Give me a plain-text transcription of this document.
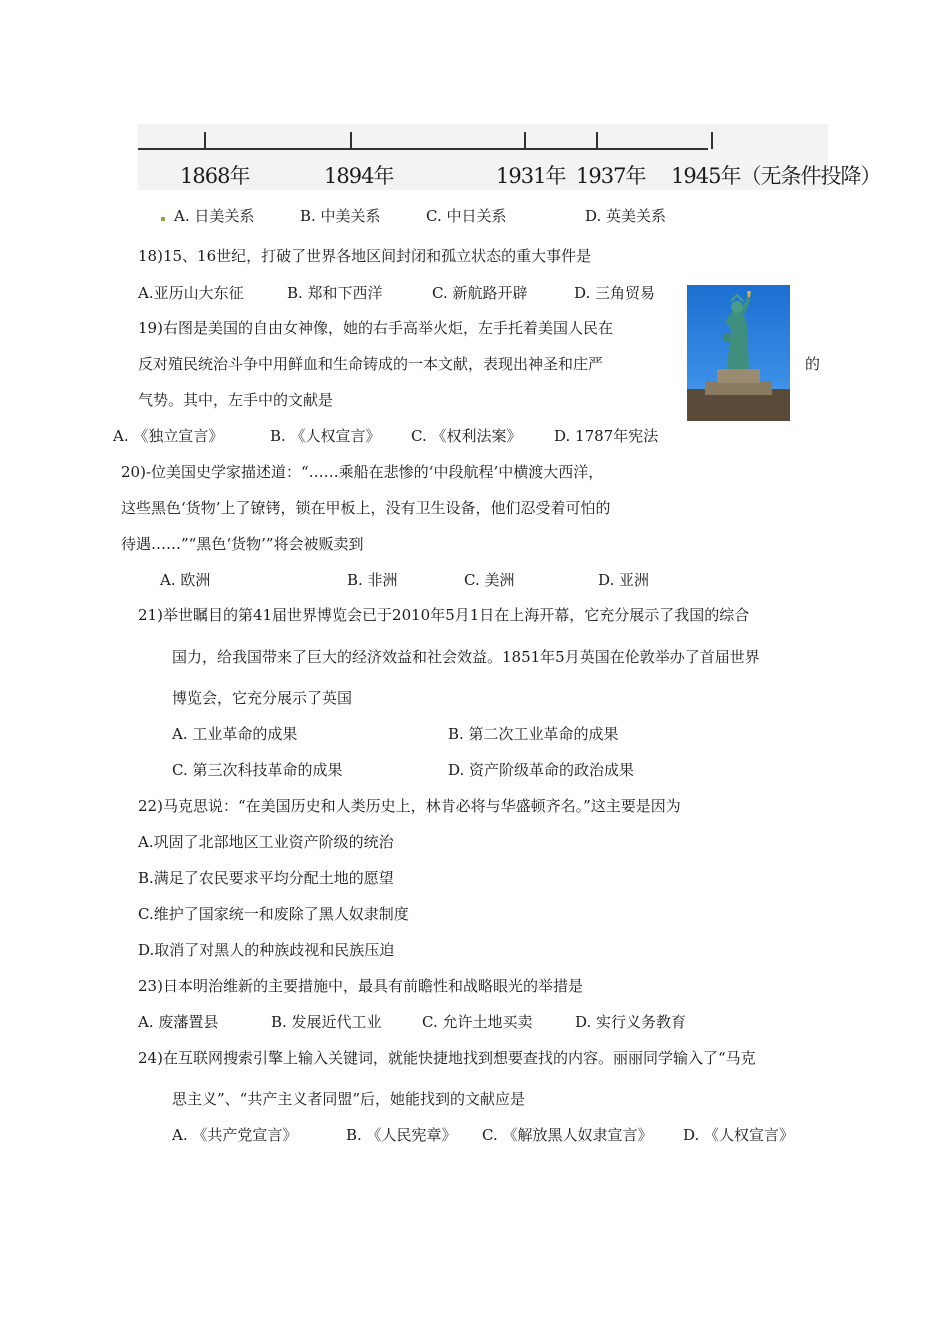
1868年	1894年	1931年 1937年 1945年（无条件投降）
A. 日美关系	B. 中美关系	C. 中日关系	D. 英美关系
18)15、16世纪，打破了世界各地区间封闭和孤立状态的重大事件是
A.亚历山大东征	B. 郑和下西洋	C. 新航路开辟	D. 三角贸易
19)右图是美国的自由女神像，她的右手高举火炬，左手托着美国人民在
反对殖民统治斗争中用鲜血和生命铸成的一本文献，表现出神圣和庄严	的
气势。其中，左手中的文献是
A. 《独立宣言》	B. 《人权宣言》 C. 《权利法案》 D. 1787年宪法
20)-位美国史学家描述道：“……乘船在悲惨的‘中段航程’中横渡大西洋，
这些黑色‘货物’上了镣铐，锁在甲板上，没有卫生设备，他们忍受着可怕的
待遇……”“黑色‘货物’”将会被贩卖到
A. 欧洲	B. 非洲	C. 美洲	D. 亚洲
21)举世瞩目的第41届世界博览会已于2010年5月1日在上海开幕，它充分展示了我国的综合
国力，给我国带来了巨大的经济效益和社会效益。1851年5月英国在伦敦举办了首届世界
博览会，它充分展示了英国
A. 工业革命的成果	B. 第二次工业革命的成果
C. 第三次科技革命的成果	D. 资产阶级革命的政治成果
22)马克思说：“在美国历史和人类历史上，林肯必将与华盛顿齐名。”这主要是因为
A.巩固了北部地区工业资产阶级的统治
B.满足了农民要求平均分配土地的愿望
C.维护了国家统一和废除了黑人奴隶制度
D.取消了对黑人的种族歧视和民族压迫
23)日本明治维新的主要措施中，最具有前瞻性和战略眼光的举措是
A. 废藩置县	B. 发展近代工业	C. 允许土地买卖	D. 实行义务教育
24)在互联网搜索引擎上输入关键词，就能快捷地找到想要查找的内容。丽丽同学输入了“马克
思主义”、“共产主义者同盟”后，她能找到的文献应是
A. 《共产党宣言》	B. 《人民宪章》 C. 《解放黑人奴隶宣言》 D. 《人权宣言》
